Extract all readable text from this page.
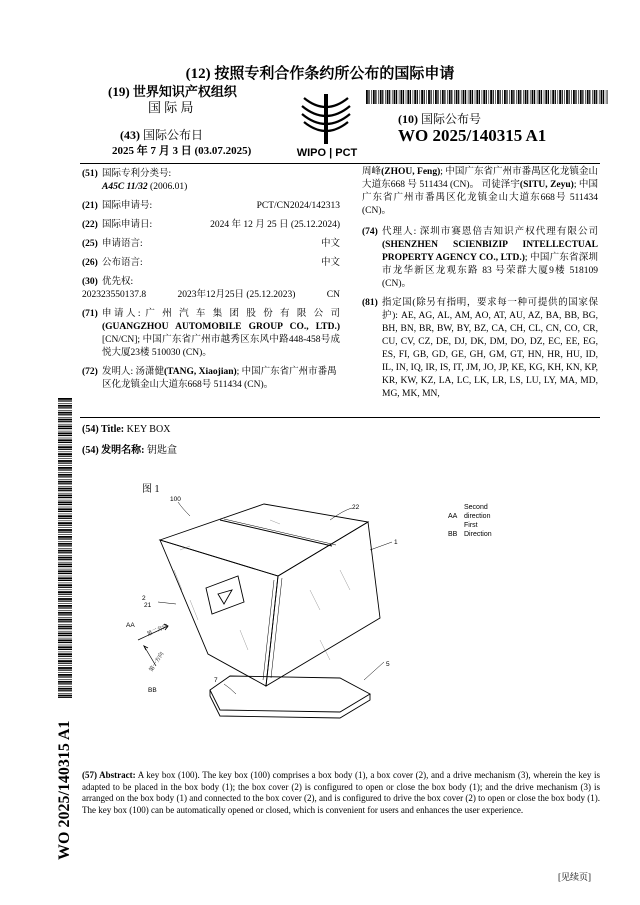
(12) 按照专利合作条约所公布的国际申请
(19) 世界知识产权组织
国 际 局
(43) 国际公布日
2025 年 7 月 3 日 (03.07.2025)	WIPO | PCT
(10) 国际公布号
WO 2025/140315 A1
(51) 国际专利分类号:
A45C 11/32 (2006.01)
(21) 国际申请号:	PCT/CN2024/142313
(22) 国际申请日:	2024 年 12 月 25 日 (25.12.2024)
(25) 申请语言:	中文
(26) 公布语言:	中文
(30) 优先权:
202323550137.8	2023年12月25日 (25.12.2023)	CN
(71) 申请人: 广 州 汽 车 集 团 股 份 有 限 公 司 (GUANGZHOU AUTOMOBILE GROUP CO., LTD.) [CN/CN]; 中国广东省广州市越秀区东风中路448-458号成悦大厦23楼 510030 (CN)。
(72) 发明人: 汤潇健(TANG, Xiaojian); 中国广东省广州市番禺区化龙镇金山大道东668号 511434 (CN)。
周峰(ZHOU, Feng); 中国广东省广州市番禺区化龙镇金山大道东668 号 511434 (CN)。 司徒泽宇(SITU, Zeyu); 中国广东省广州市番禺区化龙镇金山大道东668号 511434 (CN)。
(74) 代理人: 深圳市赛恩倍吉知识产权代理有限公司(SHENZHEN SCIENBIZIP INTELLECTUAL PROPERTY AGENCY CO., LTD.); 中国广东省深圳市龙华新区龙观东路 83 号荣群大厦9楼 518109 (CN)。
(81) 指定国(除另有指明，要求每一种可提供的国家保护): AE, AG, AL, AM, AO, AT, AU, AZ, BA, BB, BG, BH, BN, BR, BW, BY, BZ, CA, CH, CL, CN, CO, CR, CU, CV, CZ, DE, DJ, DK, DM, DO, DZ, EC, EE, EG, ES, FI, GB, GD, GE, GH, GM, GT, HN, HR, HU, ID, IL, IN, IQ, IR, IS, IT, JM, JO, JP, KE, KG, KH, KN, KP, KR, KW, KZ, LA, LC, LK, LR, LS, LU, LY, MA, MD, MG, MK, MN,
WO 2025/140315 A1
(54) Title: KEY BOX
(54) 发明名称: 钥匙盒
图 1
100
22
1
2
21
5
7
AA
BB
第二方向
第一方向
AASecond direction
BBFirst Direction
(57) Abstract: A key box (100). The key box (100) comprises a box body (1), a box cover (2), and a drive mechanism (3), wherein the key is adapted to be placed in the box body (1); the box cover (2) is configured to open or close the box body (1); and the drive mechanism (3) is arranged on the box body (1) and connected to the box cover (2), and is configured to drive the box cover (2) to open or close the box body (1). The key box (100) can be automatically opened or closed, which is convenient for users and enhances the user experience.
[见续页]
